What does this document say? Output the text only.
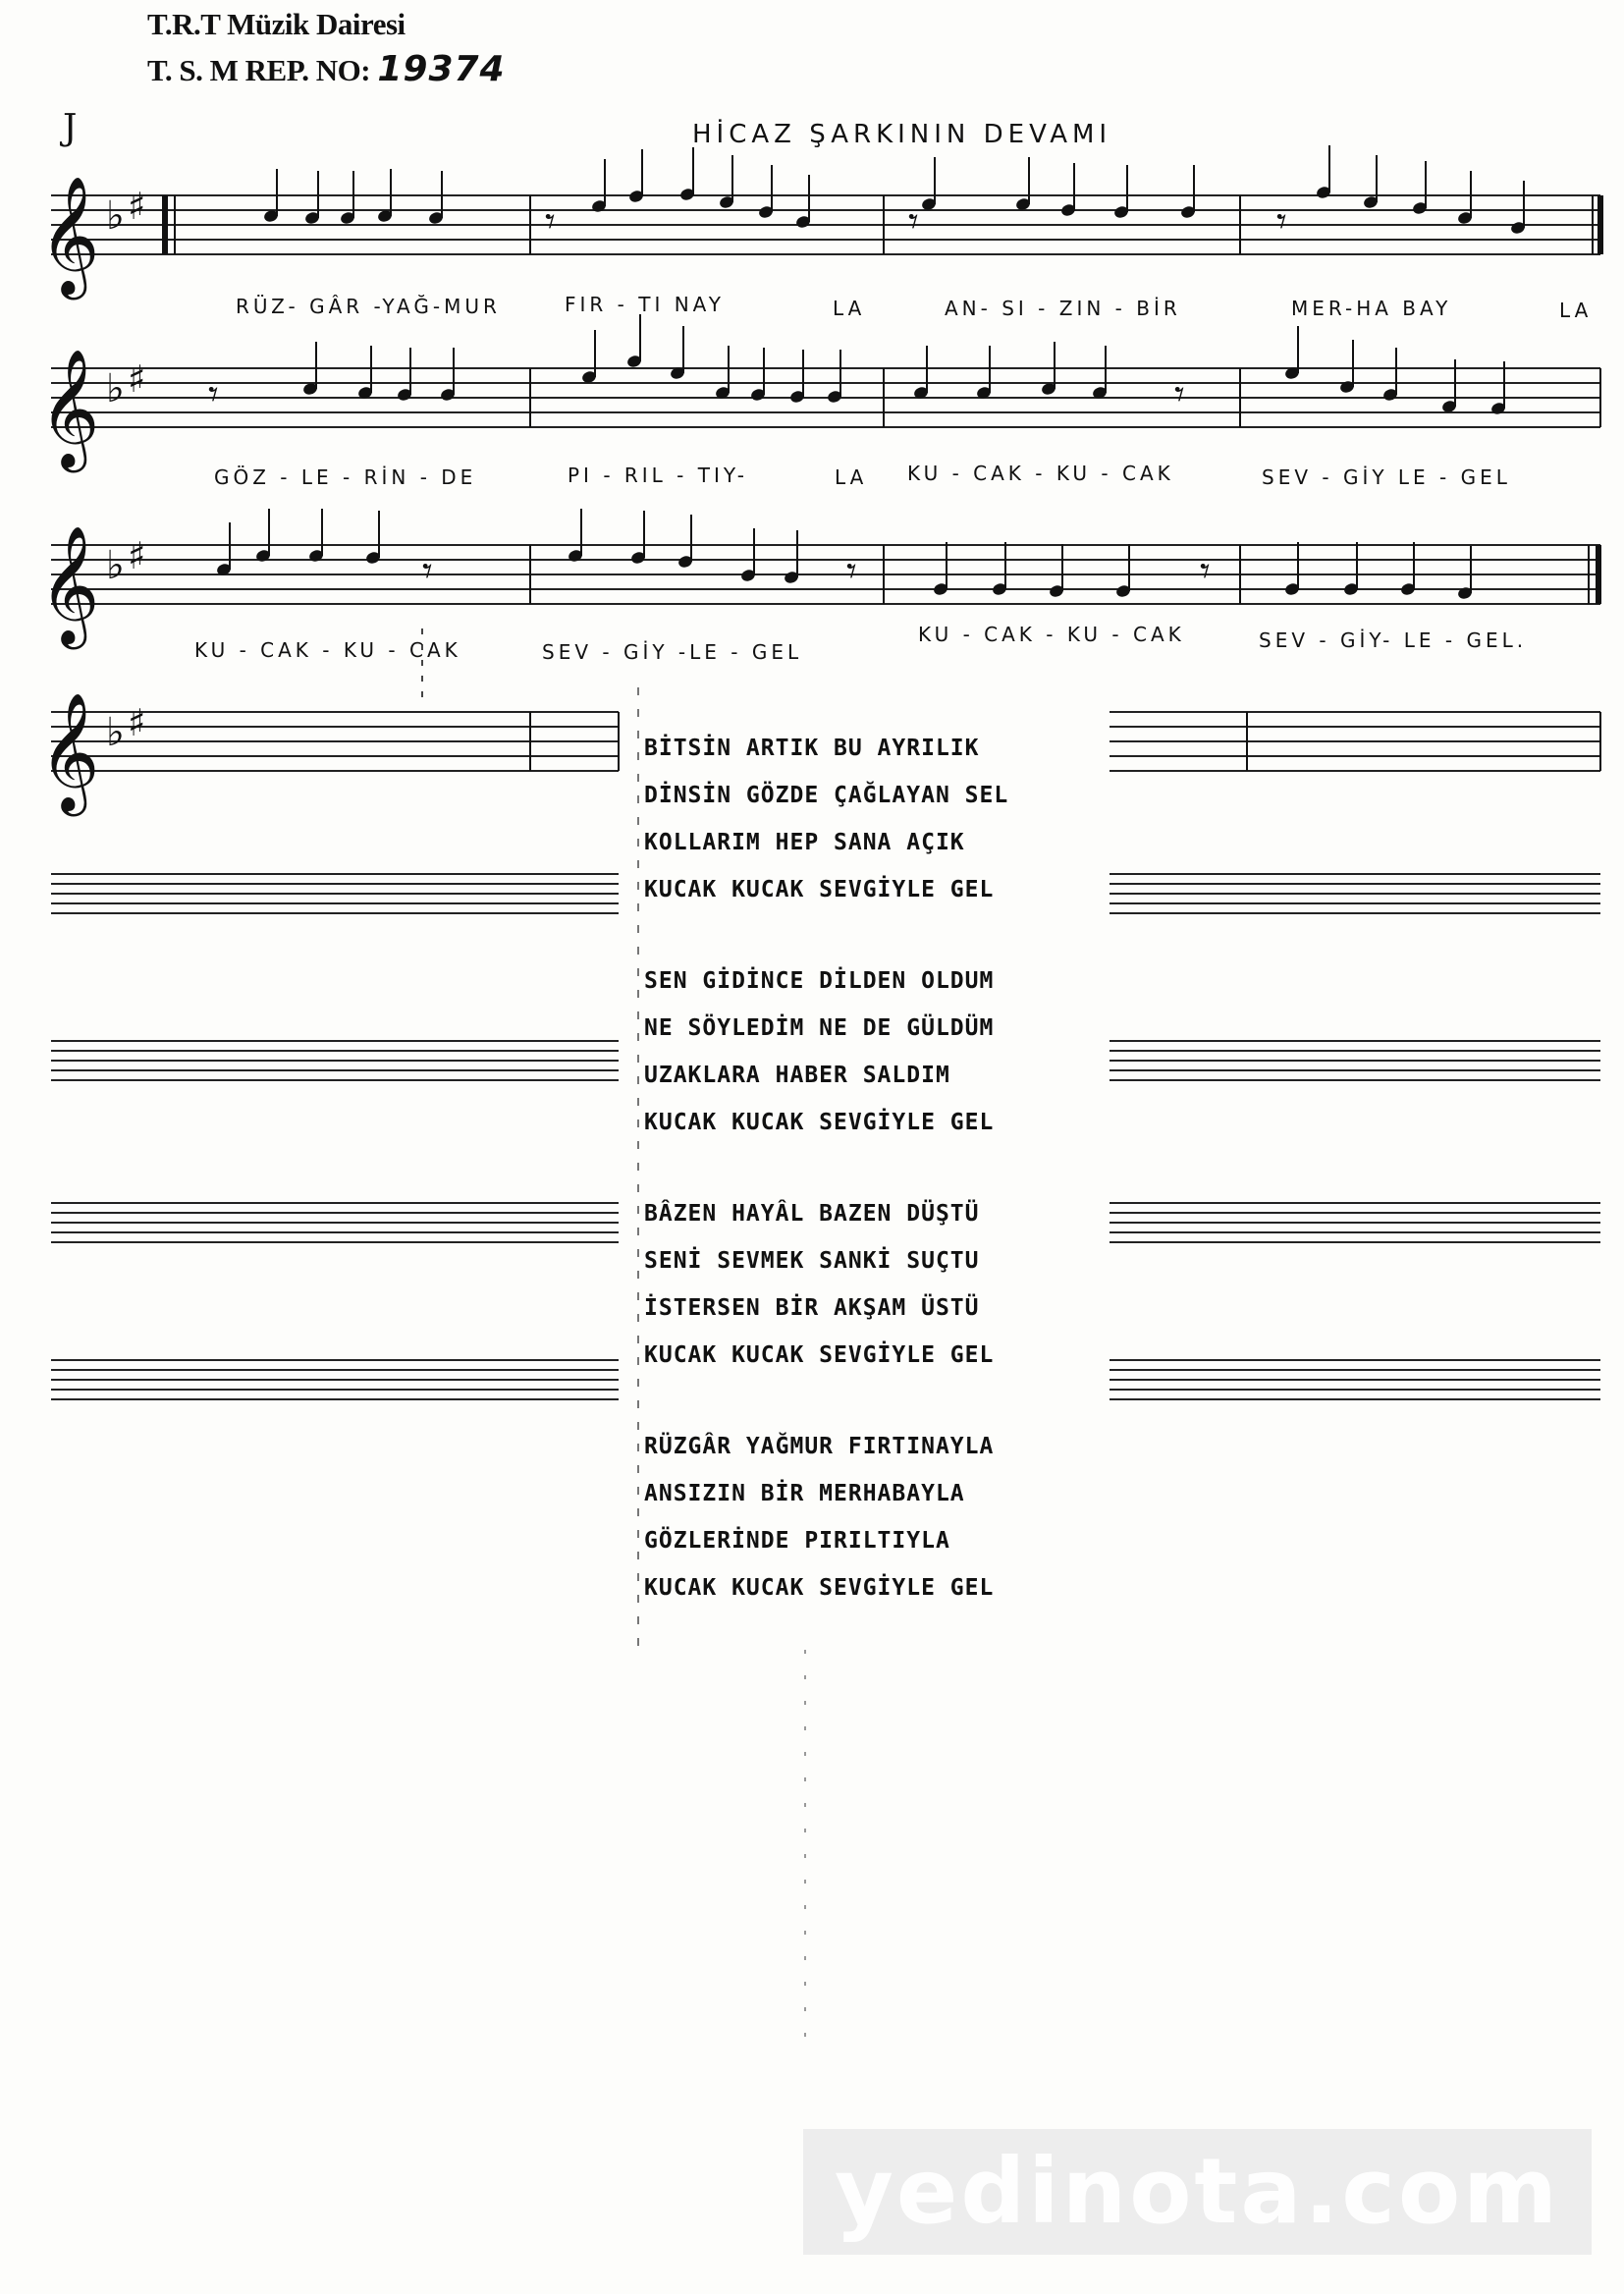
T.R.T Müzik Dairesi
T. S. M REP. NO: 19374
J	HİCAZ ŞARKININ DEVAMI
𝄞 ♭ ♯	𝄾	𝄾	𝄾
𝄞 ♭ ♯ 𝄾	𝄾
𝄞 ♭ ♯	𝄾	𝄾	𝄾
𝄞 ♭ ♯
RÜZ- GÂR -YAĞ-MUR	FIR - TI NAY	LA	AN- SI - ZIN - BİR	MER-HA BAY	LA
GÖZ - LE - RİN - DE	PI - RIL - TIY-	LA KU - CAK - KU - CAK	SEV - GİY LE - GEL
KU - CAK - KU - CAK	SEV - GİY -LE - GEL
KU - CAK - KU - CAK	SEV - GİY- LE - GEL.
BİTSİN ARTIK BU AYRILIK
DİNSİN GÖZDE ÇAĞLAYAN SEL
KOLLARIM HEP SANA AÇIK
KUCAK KUCAK SEVGİYLE GEL
SEN GİDİNCE DİLDEN OLDUM
NE SÖYLEDİM NE DE GÜLDÜM
UZAKLARA HABER SALDIM
KUCAK KUCAK SEVGİYLE GEL
BÂZEN HAYÂL BAZEN DÜŞTÜ
SENİ SEVMEK SANKİ SUÇTU
İSTERSEN BİR AKŞAM ÜSTÜ
KUCAK KUCAK SEVGİYLE GEL
RÜZGÂR YAĞMUR FIRTINAYLA
ANSIZIN BİR MERHABAYLA
GÖZLERİNDE PIRILTIYLA
KUCAK KUCAK SEVGİYLE GEL
yedinota.com
